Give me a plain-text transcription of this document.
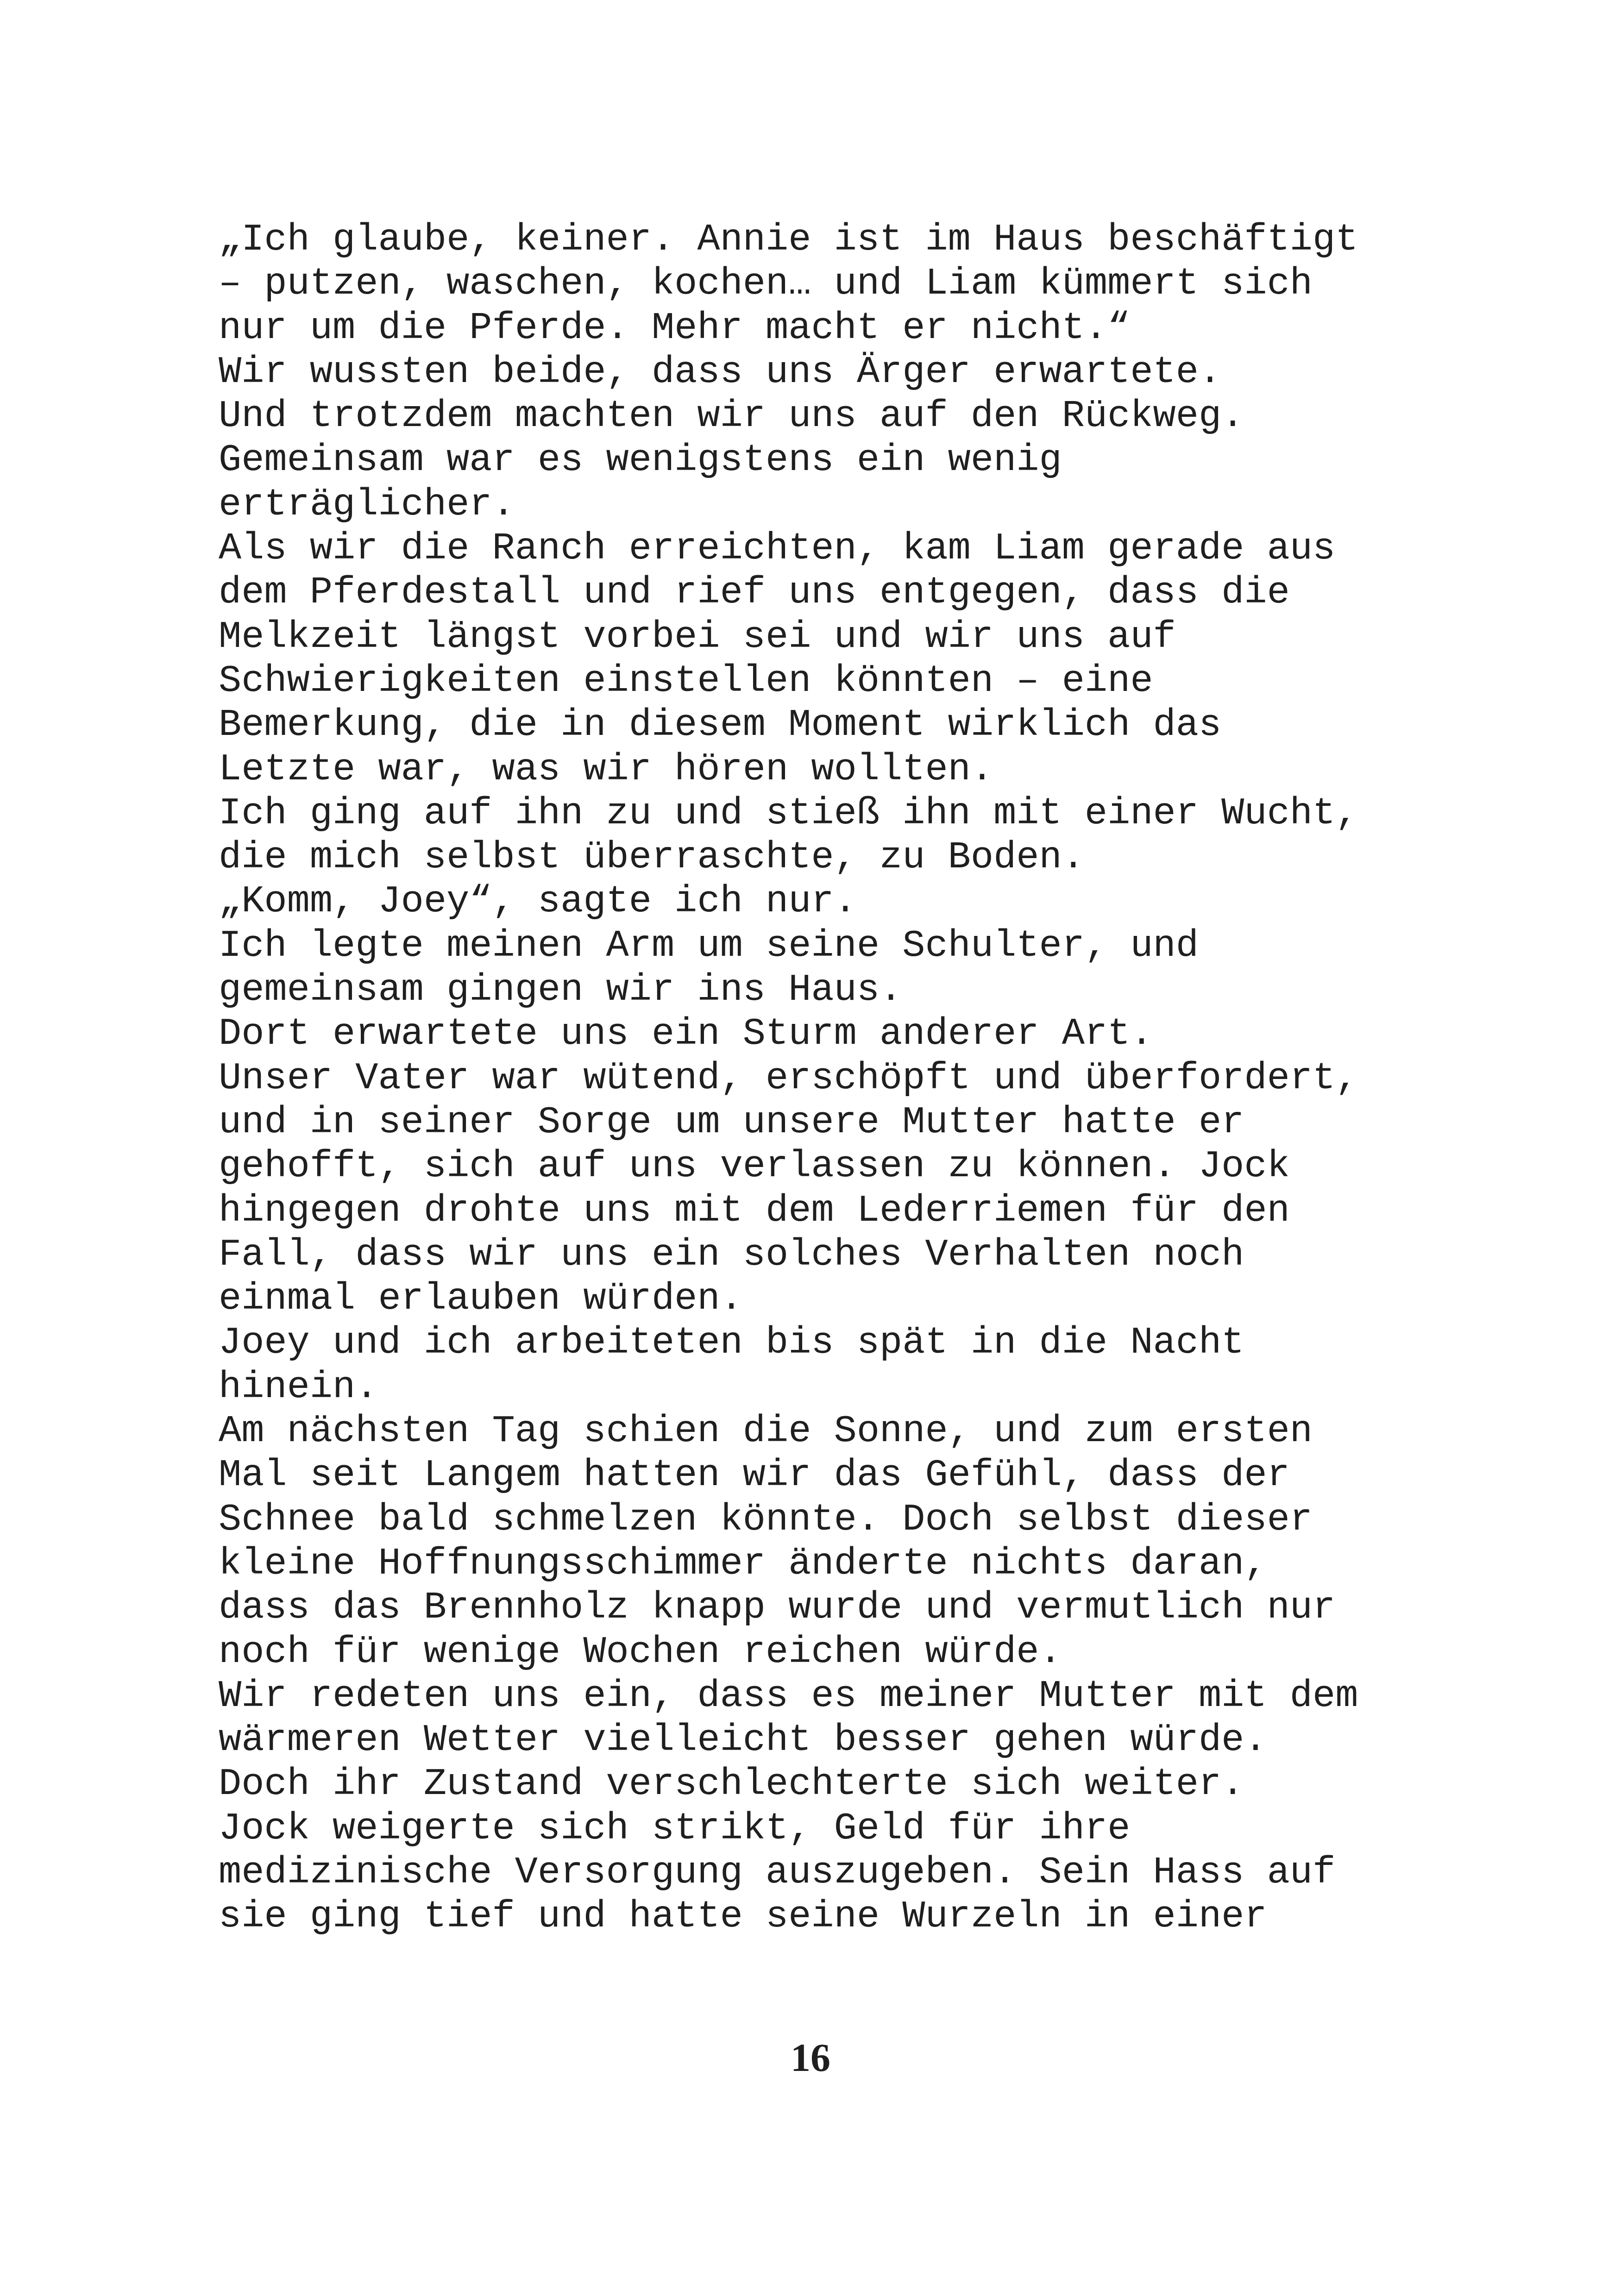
„Ich glaube, keiner. Annie ist im Haus beschäftigt
– putzen, waschen, kochen… und Liam kümmert sich
nur um die Pferde. Mehr macht er nicht.“
Wir wussten beide, dass uns Ärger erwartete.
Und trotzdem machten wir uns auf den Rückweg.
Gemeinsam war es wenigstens ein wenig
erträglicher.
Als wir die Ranch erreichten, kam Liam gerade aus
dem Pferdestall und rief uns entgegen, dass die
Melkzeit längst vorbei sei und wir uns auf
Schwierigkeiten einstellen könnten – eine
Bemerkung, die in diesem Moment wirklich das
Letzte war, was wir hören wollten.
Ich ging auf ihn zu und stieß ihn mit einer Wucht,
die mich selbst überraschte, zu Boden.
„Komm, Joey“, sagte ich nur.
Ich legte meinen Arm um seine Schulter, und
gemeinsam gingen wir ins Haus.
Dort erwartete uns ein Sturm anderer Art.
Unser Vater war wütend, erschöpft und überfordert,
und in seiner Sorge um unsere Mutter hatte er
gehofft, sich auf uns verlassen zu können. Jock
hingegen drohte uns mit dem Lederriemen für den
Fall, dass wir uns ein solches Verhalten noch
einmal erlauben würden.
Joey und ich arbeiteten bis spät in die Nacht
hinein.
Am nächsten Tag schien die Sonne, und zum ersten
Mal seit Langem hatten wir das Gefühl, dass der
Schnee bald schmelzen könnte. Doch selbst dieser
kleine Hoffnungsschimmer änderte nichts daran,
dass das Brennholz knapp wurde und vermutlich nur
noch für wenige Wochen reichen würde.
Wir redeten uns ein, dass es meiner Mutter mit dem
wärmeren Wetter vielleicht besser gehen würde.
Doch ihr Zustand verschlechterte sich weiter.
Jock weigerte sich strikt, Geld für ihre
medizinische Versorgung auszugeben. Sein Hass auf
sie ging tief und hatte seine Wurzeln in einer
16
